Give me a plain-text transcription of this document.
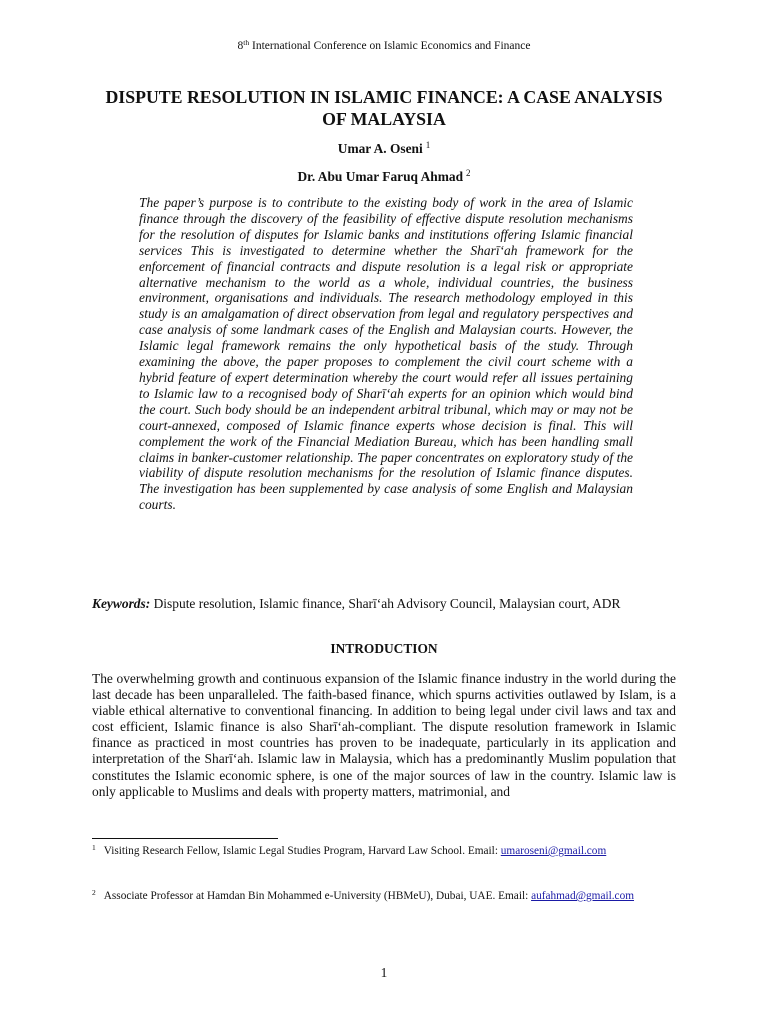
8th International Conference on Islamic Economics and Finance
DISPUTE RESOLUTION IN ISLAMIC FINANCE: A CASE ANALYSIS OF MALAYSIA
Umar A. Oseni $^1$
Dr. Abu Umar Faruq Ahmad $^2$

The paper’s purpose is to contribute to the existing body of work in the area of Islamic finance through the discovery of the feasibility of effective dispute resolution mechanisms for the resolution of disputes for Islamic banks and institutions offering Islamic financial services This is investigated to determine whether the Sharī‘ah framework for the enforcement of financial contracts and dispute resolution is a legal risk or appropriate alternative mechanism to the world as a whole, individual countries, the business environment, organisations and individuals. The research methodology employed in this study is an amalgamation of direct observation from legal and regulatory perspectives and case analysis of some landmark cases of the English and Malaysian courts. However, the Islamic legal framework remains the only hypothetical basis of the study. Through examining the above, the paper proposes to complement the civil court scheme with a hybrid feature of expert determination whereby the court would refer all issues pertaining to Islamic law to a recognised body of Sharī‘ah experts for an opinion which would bind the court. Such body should be an independent arbitral tribunal, which may or may not be court-annexed, composed of Islamic finance experts whose decision is final. This will complement the work of the Financial Mediation Bureau, which has been handling small claims in banker-customer relationship. The paper concentrates on exploratory study of the viability of dispute resolution mechanisms for the resolution of Islamic finance disputes. The investigation has been supplemented by case analysis of some English and Malaysian courts.

Keywords: Dispute resolution, Islamic finance, Sharī‘ah Advisory Council, Malaysian court, ADR

INTRODUCTION

The overwhelming growth and continuous expansion of the Islamic finance industry in the world during the last decade has been unparalleled. The faith-based finance, which spurns activities outlawed by Islam, is a viable ethical alternative to conventional financing. In addition to being legal under civil laws and tax and cost efficient, Islamic finance is also Sharī‘ah-compliant. The dispute resolution framework in Islamic finance as practiced in most countries has proven to be inadequate, particularly in its application and interpretation of the Sharī‘ah. Islamic law in Malaysia, which has a predominantly Muslim population that constitutes the Islamic economic sphere, is one of the major sources of law in the country. Islamic law is only applicable to Muslims and deals with property matters, matrimonial, and

$^1$ Visiting Research Fellow, Islamic Legal Studies Program, Harvard Law School. Email: umaroseni@gmail.com

$^2$ Associate Professor at Hamdan Bin Mohammed e-University (HBMeU), Dubai, UAE. Email: aufahmad@gmail.com

1
